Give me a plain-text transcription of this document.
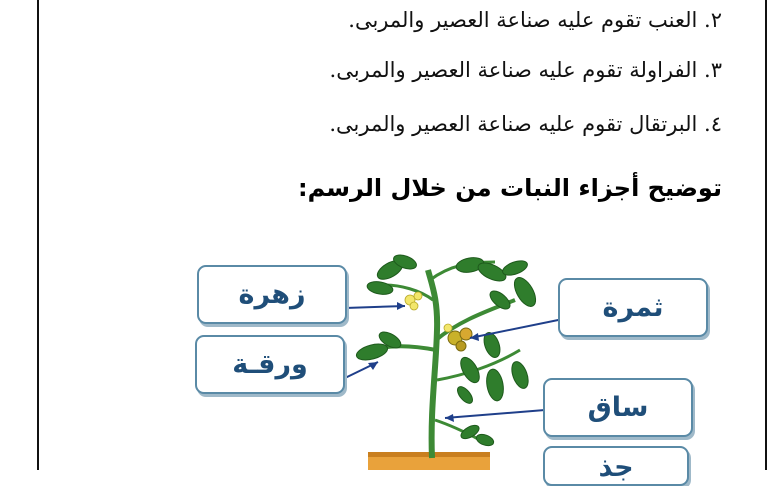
٢. العنب تقوم عليه صناعة العصير والمربى.
٣. الفراولة تقوم عليه صناعة العصير والمربى.
٤. البرتقال تقوم عليه صناعة العصير والمربى.
توضيح أجزاء النبات من خلال الرسم:
زهرة
ورقـة
ثمرة
ساق
جذ
